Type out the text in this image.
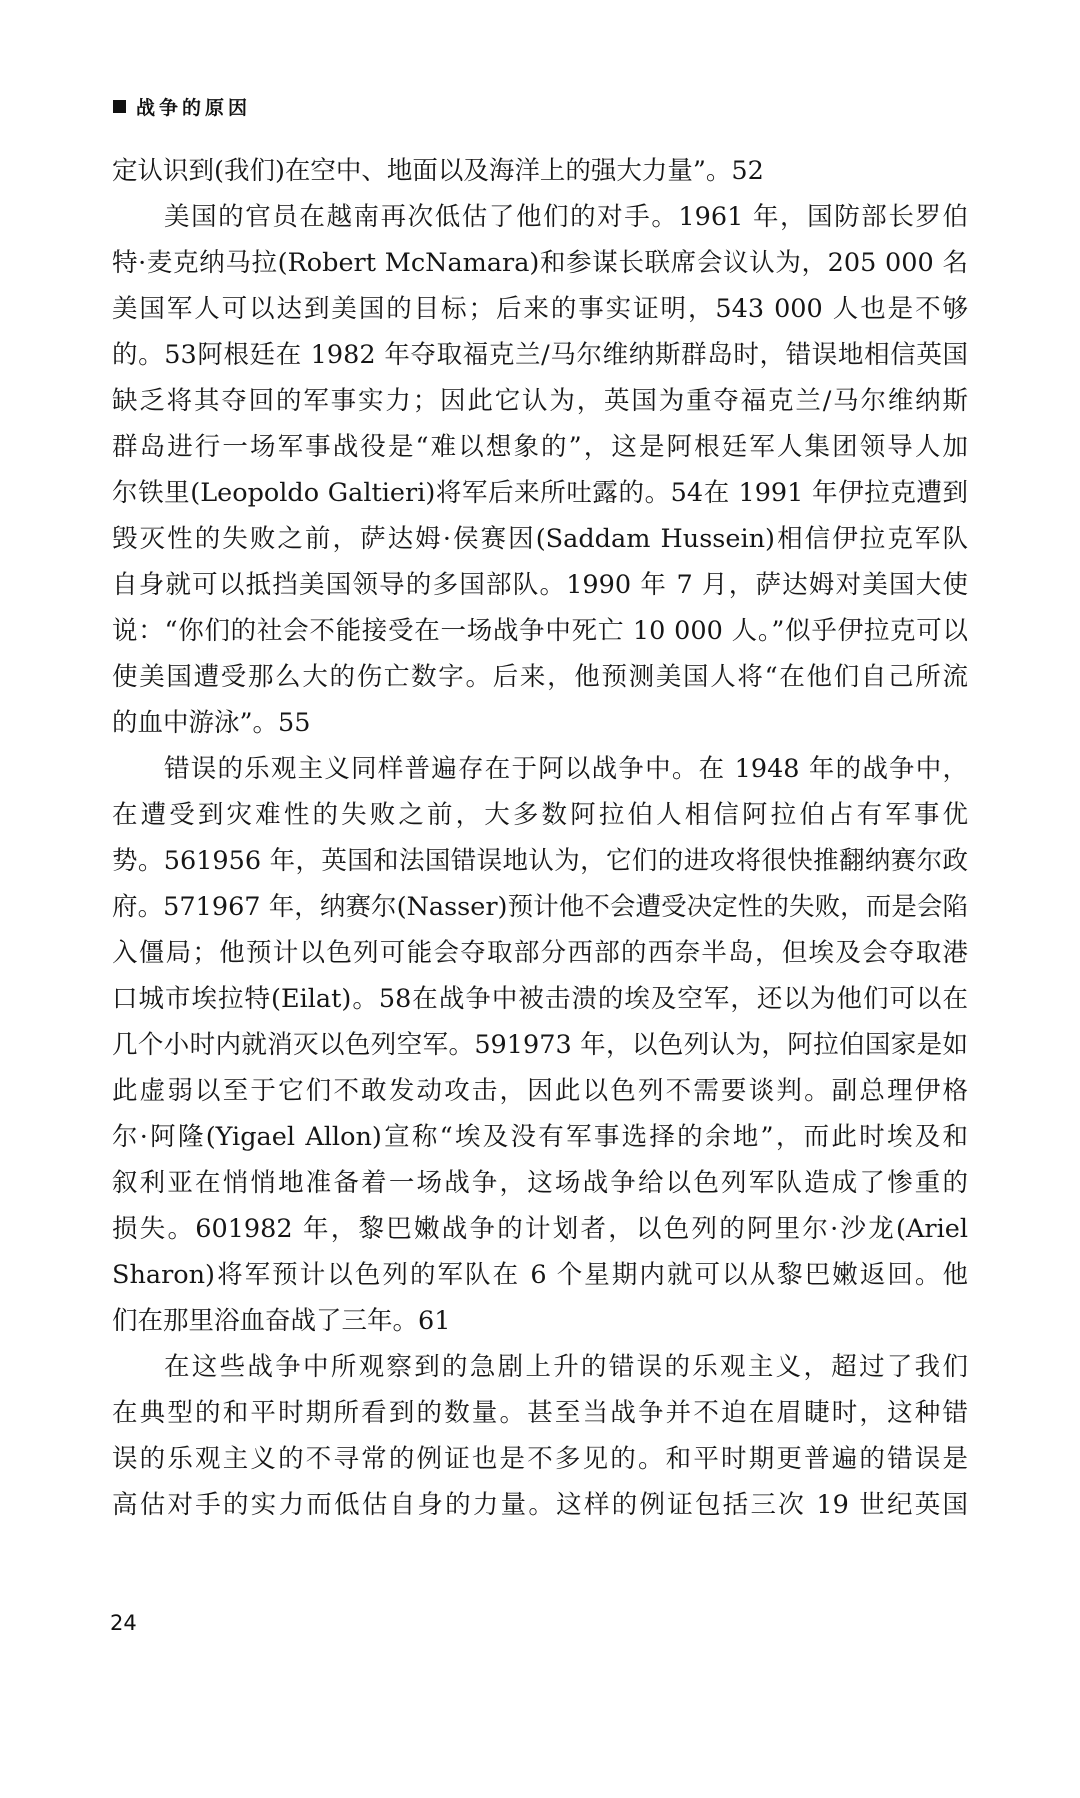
战争的原因
定认识到(我们)在空中、地面以及海洋上的强大力量”。52
美国的官员在越南再次低估了他们的对手。1961 年，国防部长罗伯
特·麦克纳马拉(Robert McNamara)和参谋长联席会议认为，205 000 名
美国军人可以达到美国的目标；后来的事实证明，543 000 人也是不够
的。53阿根廷在 1982 年夺取福克兰/马尔维纳斯群岛时，错误地相信英国
缺乏将其夺回的军事实力；因此它认为，英国为重夺福克兰/马尔维纳斯
群岛进行一场军事战役是“难以想象的”，这是阿根廷军人集团领导人加
尔铁里(Leopoldo Galtieri)将军后来所吐露的。54在 1991 年伊拉克遭到
毁灭性的失败之前，萨达姆·侯赛因(Saddam Hussein)相信伊拉克军队
自身就可以抵挡美国领导的多国部队。1990 年 7 月，萨达姆对美国大使
说：“你们的社会不能接受在一场战争中死亡 10 000 人。”似乎伊拉克可以
使美国遭受那么大的伤亡数字。后来，他预测美国人将“在他们自己所流
的血中游泳”。55
错误的乐观主义同样普遍存在于阿以战争中。在 1948 年的战争中，
在遭受到灾难性的失败之前，大多数阿拉伯人相信阿拉伯占有军事优
势。561956 年，英国和法国错误地认为，它们的进攻将很快推翻纳赛尔政
府。571967 年，纳赛尔(Nasser)预计他不会遭受决定性的失败，而是会陷
入僵局；他预计以色列可能会夺取部分西部的西奈半岛，但埃及会夺取港
口城市埃拉特(Eilat)。58在战争中被击溃的埃及空军，还以为他们可以在
几个小时内就消灭以色列空军。591973 年，以色列认为，阿拉伯国家是如
此虚弱以至于它们不敢发动攻击，因此以色列不需要谈判。副总理伊格
尔·阿隆(Yigael Allon)宣称“埃及没有军事选择的余地”，而此时埃及和
叙利亚在悄悄地准备着一场战争，这场战争给以色列军队造成了惨重的
损失。601982 年，黎巴嫩战争的计划者，以色列的阿里尔·沙龙(Ariel
Sharon)将军预计以色列的军队在 6 个星期内就可以从黎巴嫩返回。他
们在那里浴血奋战了三年。61
在这些战争中所观察到的急剧上升的错误的乐观主义，超过了我们
在典型的和平时期所看到的数量。甚至当战争并不迫在眉睫时，这种错
误的乐观主义的不寻常的例证也是不多见的。和平时期更普遍的错误是
高估对手的实力而低估自身的力量。这样的例证包括三次 19 世纪英国
24
